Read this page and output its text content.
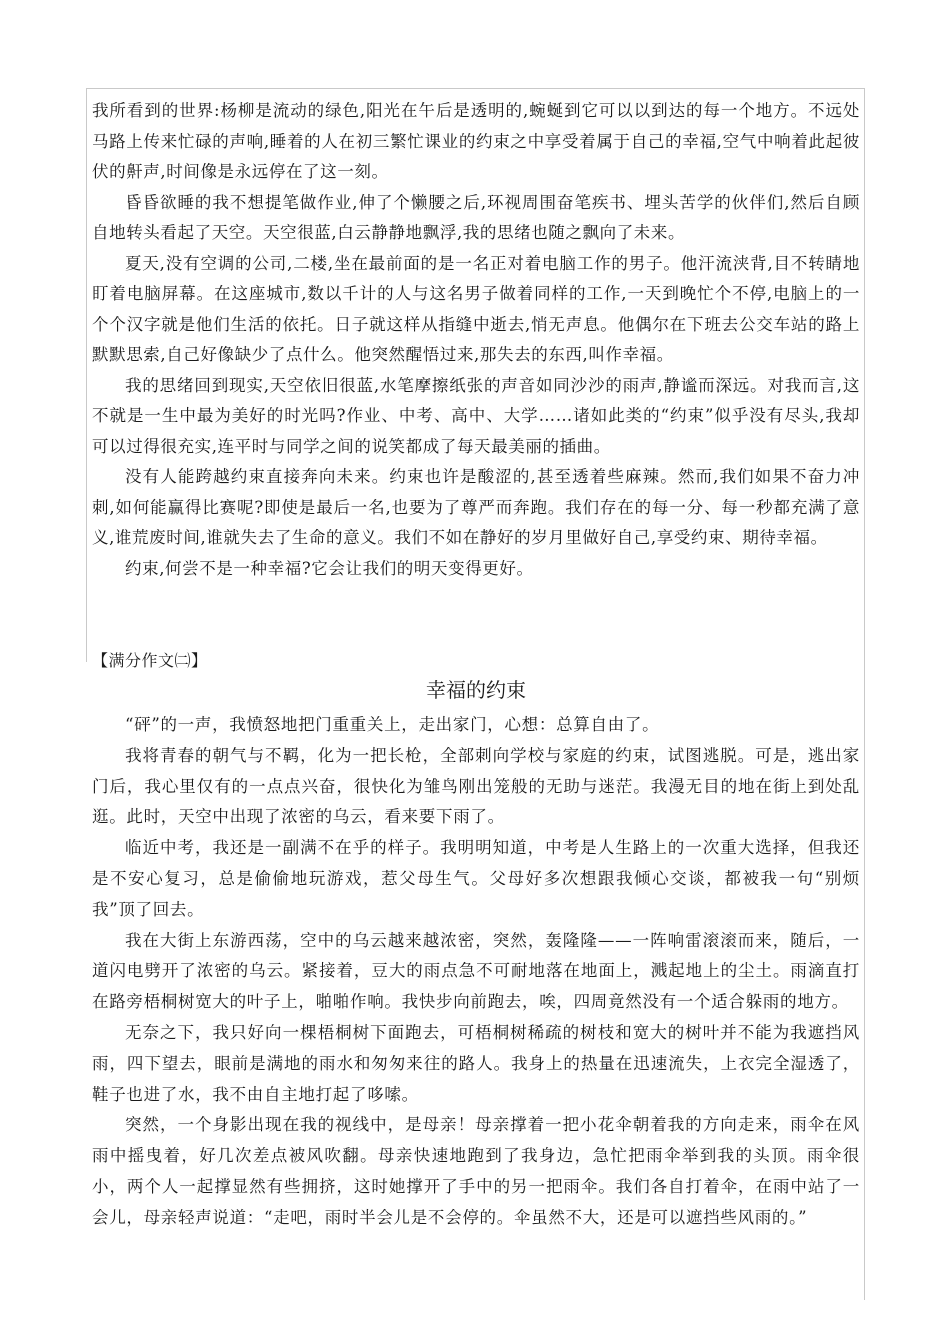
我所看到的世界:杨柳是流动的绿色,阳光在午后是透明的,蜿蜒到它可以以到达的每一个地方。不远处马路上传来忙碌的声响,睡着的人在初三繁忙课业的约束之中享受着属于自己的幸福,空气中响着此起彼伏的鼾声,时间像是永远停在了这一刻。

昏昏欲睡的我不想提笔做作业,伸了个懒腰之后,环视周围奋笔疾书、埋头苦学的伙伴们,然后自顾自地转头看起了天空。天空很蓝,白云静静地飘浮,我的思绪也随之飘向了未来。

夏天,没有空调的公司,二楼,坐在最前面的是一名正对着电脑工作的男子。他汗流浃背,目不转睛地盯着电脑屏幕。在这座城市,数以千计的人与这名男子做着同样的工作,一天到晚忙个不停,电脑上的一个个汉字就是他们生活的依托。日子就这样从指缝中逝去,悄无声息。他偶尔在下班去公交车站的路上默默思索,自己好像缺少了点什么。他突然醒悟过来,那失去的东西,叫作幸福。

我的思绪回到现实,天空依旧很蓝,水笔摩擦纸张的声音如同沙沙的雨声,静谧而深远。对我而言,这不就是一生中最为美好的时光吗?作业、中考、高中、大学……诸如此类的“约束”似乎没有尽头,我却可以过得很充实,连平时与同学之间的说笑都成了每天最美丽的插曲。

没有人能跨越约束直接奔向未来。约束也许是酸涩的,甚至透着些麻辣。然而,我们如果不奋力冲刺,如何能赢得比赛呢?即使是最后一名,也要为了尊严而奔跑。我们存在的每一分、每一秒都充满了意义,谁荒废时间,谁就失去了生命的意义。我们不如在静好的岁月里做好自己,享受约束、期待幸福。

约束,何尝不是一种幸福?它会让我们的明天变得更好。

【满分作文㈡】
幸福的约束

“砰”的一声，我愤怒地把门重重关上，走出家门，心想：总算自由了。

我将青春的朝气与不羁，化为一把长枪，全部刺向学校与家庭的约束，试图逃脱。可是，逃出家门后，我心里仅有的一点点兴奋，很快化为雏鸟刚出笼般的无助与迷茫。我漫无目的地在街上到处乱逛。此时，天空中出现了浓密的乌云，看来要下雨了。

临近中考，我还是一副满不在乎的样子。我明明知道，中考是人生路上的一次重大选择，但我还是不安心复习，总是偷偷地玩游戏，惹父母生气。父母好多次想跟我倾心交谈，都被我一句“别烦我”顶了回去。

我在大街上东游西荡，空中的乌云越来越浓密，突然，轰隆隆——一阵响雷滚滚而来，随后，一道闪电劈开了浓密的乌云。紧接着，豆大的雨点急不可耐地落在地面上，溅起地上的尘土。雨滴直打在路旁梧桐树宽大的叶子上，啪啪作响。我快步向前跑去，唉，四周竟然没有一个适合躲雨的地方。

无奈之下，我只好向一棵梧桐树下面跑去，可梧桐树稀疏的树枝和宽大的树叶并不能为我遮挡风雨，四下望去，眼前是满地的雨水和匆匆来往的路人。我身上的热量在迅速流失，上衣完全湿透了，鞋子也进了水，我不由自主地打起了哆嗦。

突然，一个身影出现在我的视线中，是母亲！母亲撑着一把小花伞朝着我的方向走来，雨伞在风雨中摇曳着，好几次差点被风吹翻。母亲快速地跑到了我身边，急忙把雨伞举到我的头顶。雨伞很小，两个人一起撑显然有些拥挤，这时她撑开了手中的另一把雨伞。我们各自打着伞，在雨中站了一会儿，母亲轻声说道：“走吧，雨时半会儿是不会停的。伞虽然不大，还是可以遮挡些风雨的。”
